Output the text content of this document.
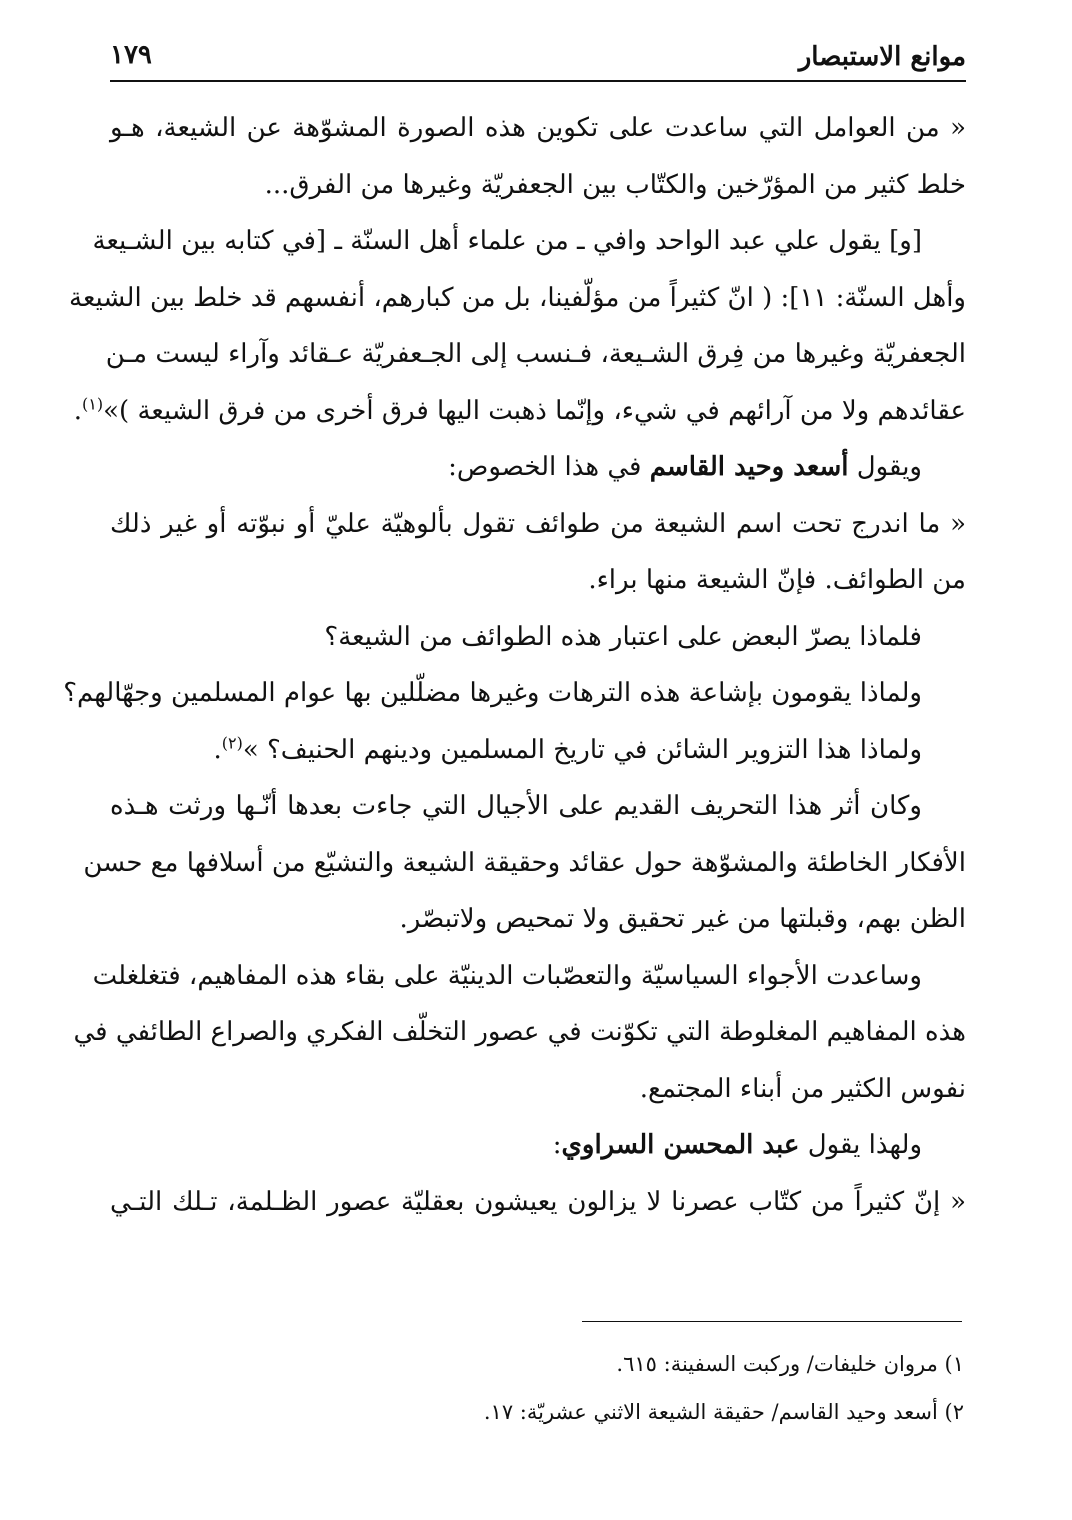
موانع الاستبصار
١٧٩
« من العوامل التي ساعدت على تكوين هذه الصورة المشوّهة عن الشيعة، هـو
خلط كثير من المؤرّخين والكتّاب بين الجعفريّة وغيرها من الفرق...
[و] يقول علي عبد الواحد وافي ـ من علماء أهل السنّة ـ [في كتابه بين الشـيعة
وأهل السنّة: ١١]: ( انّ كثيراً من مؤلّفينا، بل من كبارهم، أنفسهم قد خلط بين الشيعة
الجعفريّة وغيرها من فِرق الشـيعة، فـنسب إلى الجـعفريّة عـقائد وآراء ليست مـن
عقائدهم ولا من آرائهم في شيء، وإنّما ذهبت اليها فرق أخرى من فرق الشيعة )»$^{(١)}$.
ويقول أسعد وحيد القاسم في هذا الخصوص:
« ما اندرج تحت اسم الشيعة من طوائف تقول بألوهيّة عليّ أو نبوّته أو غير ذلك
من الطوائف. فإنّ الشيعة منها براء.
فلماذا يصرّ البعض على اعتبار هذه الطوائف من الشيعة؟
ولماذا يقومون بإشاعة هذه الترهات وغيرها مضلّلين بها عوام المسلمين وجهّالهم؟
ولماذا هذا التزوير الشائن في تاريخ المسلمين ودينهم الحنيف؟ »$^{(٢)}$.
وكان أثر هذا التحريف القديم على الأجيال التي جاءت بعدها أنّـها ورثت هـذه
الأفكار الخاطئة والمشوّهة حول عقائد وحقيقة الشيعة والتشيّع من أسلافها مع حسن
الظن بهم، وقبلتها من غير تحقيق ولا تمحيص ولاتبصّر.
وساعدت الأجواء السياسيّة والتعصّبات الدينيّة على بقاء هذه المفاهيم، فتغلغلت
هذه المفاهيم المغلوطة التي تكوّنت في عصور التخلّف الفكري والصراع الطائفي في
نفوس الكثير من أبناء المجتمع.
ولهذا يقول عبد المحسن السراوي:
« إنّ كثيراً من كتّاب عصرنا لا يزالون يعيشون بعقليّة عصور الظـلمة، تـلك التـي
١) مروان خليفات/ وركبت السفينة: ٦١٥.
٢) أسعد وحيد القاسم/ حقيقة الشيعة الاثني عشريّة: ١٧.
